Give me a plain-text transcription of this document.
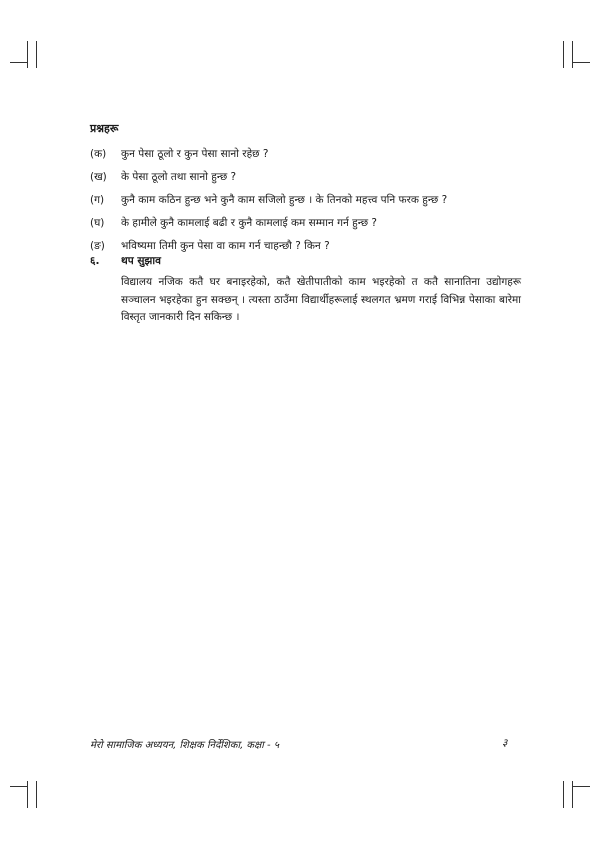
प्रश्नहरू
(क)	कुन पेसा ठूलो र कुन पेसा सानो रहेछ ?
(ख)	के पेसा ठूलो तथा सानो हुन्छ ?
(ग)	कुनै काम कठिन हुन्छ भने कुनै काम सजिलो हुन्छ । के तिनको महत्त्व पनि फरक हुन्छ ?
(घ)	के हामीले कुनै कामलाई बढी र कुनै कामलाई कम सम्मान गर्न हुन्छ ?
(ङ)	भविष्यमा तिमी कुन पेसा वा काम गर्न चाहन्छौ ? किन ?
६.	थप सुझाव
विद्यालय नजिक कतै घर बनाइरहेको, कतै खेतीपातीको काम भइरहेको त कतै सानातिना उद्योगहरू सञ्चालन भइरहेका हुन सक्छन् । त्यस्ता ठाउँमा विद्यार्थीहरूलाई स्थलगत भ्रमण गराई विभिन्न पेसाका बारेमा विस्तृत जानकारी दिन सकिन्छ ।
मेरो सामाजिक अध्ययन, शिक्षक निर्देशिका, कक्षा - ५	३
